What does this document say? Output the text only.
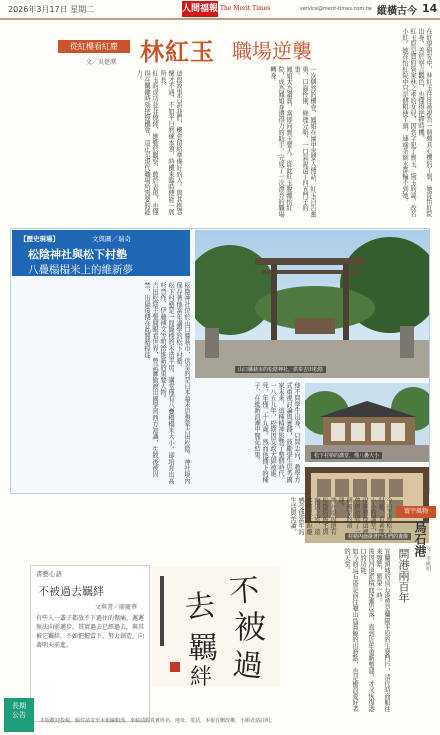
2026年3月17日 星期二	人間福報 The Merit Times	service@merit-times.com.tw 縱橫古今 14
從紅樓看紅塵
文／吳楚潭 林紅玉 職場逆襲	在紅學研究中，林紅玉往往被視為一個頗具心機的丫鬟，她從怡紅院出身，善於察言觀色，也懂得把握時機。

紅玉原是賈府管家林之孝的女兒，因名字犯了寶玉、黛玉的諱，改名小紅。她在怡紅院中只是個粗使丫頭，連端茶倒水都輪不到她。

一次偶然的機會，鳳姐在園中需要人傳話，紅玉自告奮勇，口齒伶俐、條理分明，一口氣說清了四五門子的事。

鳳姐大為讚賞，當即向寶玉要人。從此紅玉脫離怡紅院，成為鳳姐身邊得力的助手，完成了一次漂亮的職場轉身。

這段故事告訴我們，機會留給準備好的人。與其抱怨懷才不遇，不如平日磨練本領，時機來臨時便能一展所長。

紅玉的成功並非僥倖，她勤於觀察、敢於表現，也懂得在關鍵時刻把握機會，這正是現代職場所需要的能力。

【歷史現場】	文與圖／瑞奇
松陰神社與松下村塾
八疊榻榻米上的維新夢

松陰神社位於山口縣萩市，供奉的是日本幕末思想家吉田松陰。神社境內保存著他當年講學的松下村塾。

松下村塾是一間簡樸的木造平房，講堂僅有八疊榻榻米大小，卻培育出高杉晉作、伊藤博文等明治維新的重要人物。

吉田松陰主張開眼看世界，曾試圖偷渡出國學習西方知識，失敗後被囚禁，出獄後便在此開塾授徒。

他不問學生出身，只問志向，教學方式重視討論與實踐，鼓勵學生思考國家未來，這種精神影響了整個時代。

一八五九年，松陰因安政大獄被處死，年僅二十九歲。然而他播下的種子，在維新浪潮中開花結果。

山口縣萩市的松陰神社，供奉吉田松陰
松下村塾的講堂，僅八疊大小
村塾內懸掛著門生們的畫像

今日走進松下村塾，看著那小小的講堂，很難想像這裡曾經改變了一個國家的命運。

神社境內還有松陰的舊宅與幽囚之室，遊客可以近距離感受他當年的生活與苦讀。	寰宇風物
烏石港
開港兩百年	文／李曉明

宜蘭頭城的烏石港曾是蘭陽平原的主要門戶，清代時商船往來頻繁，繁榮一時。

後因河道淤積而逐漸沒落，直到近年重新整建，才又恢復港口的功能。

如今的烏石港是前往龜山島賞鯨的出發點，也是衝浪愛好者的天堂。

書藝心語
不被過去羈絆
文與書／廖慶華
有些人一輩子都放不下過往的傷痛，遲遲無法向前邁步。其實過去已經過去，與其被它羈絆，不如把握當下，努力創造，向著明天前進。
不
被
過
去
羈
絆
長期
公告
本版歡迎投稿，稿件請寄至本報編輯部，來稿請附真實姓名、地址、電話，本報有刪改權，不願者請註明。
